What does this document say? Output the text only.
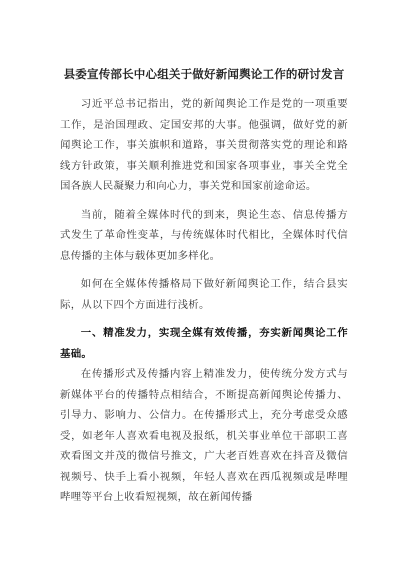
县委宣传部长中心组关于做好新闻舆论工作的研讨发言

习近平总书记指出，党的新闻舆论工作是党的一项重要工作，是治国理政、定国安邦的大事。他强调，做好党的新闻舆论工作，事关旗帜和道路，事关贯彻落实党的理论和路线方针政策，事关顺利推进党和国家各项事业，事关全党全国各族人民凝聚力和向心力，事关党和国家前途命运。

当前，随着全媒体时代的到来，舆论生态、信息传播方式发生了革命性变革，与传统媒体时代相比，全媒体时代信息传播的主体与载体更加多样化。

如何在全媒体传播格局下做好新闻舆论工作，结合县实际，从以下四个方面进行浅析。

一、精准发力，实现全媒有效传播，夯实新闻舆论工作基础。

在传播形式及传播内容上精准发力，使传统分发方式与新媒体平台的传播特点相结合，不断提高新闻舆论传播力、引导力、影响力、公信力。在传播形式上，充分考虑受众感受，如老年人喜欢看电视及报纸，机关事业单位干部职工喜欢看图文并茂的微信号推文，广大老百姓喜欢在抖音及微信视频号、快手上看小视频，年轻人喜欢在西瓜视频或是哔哩哔哩等平台上收看短视频，故在新闻传播
